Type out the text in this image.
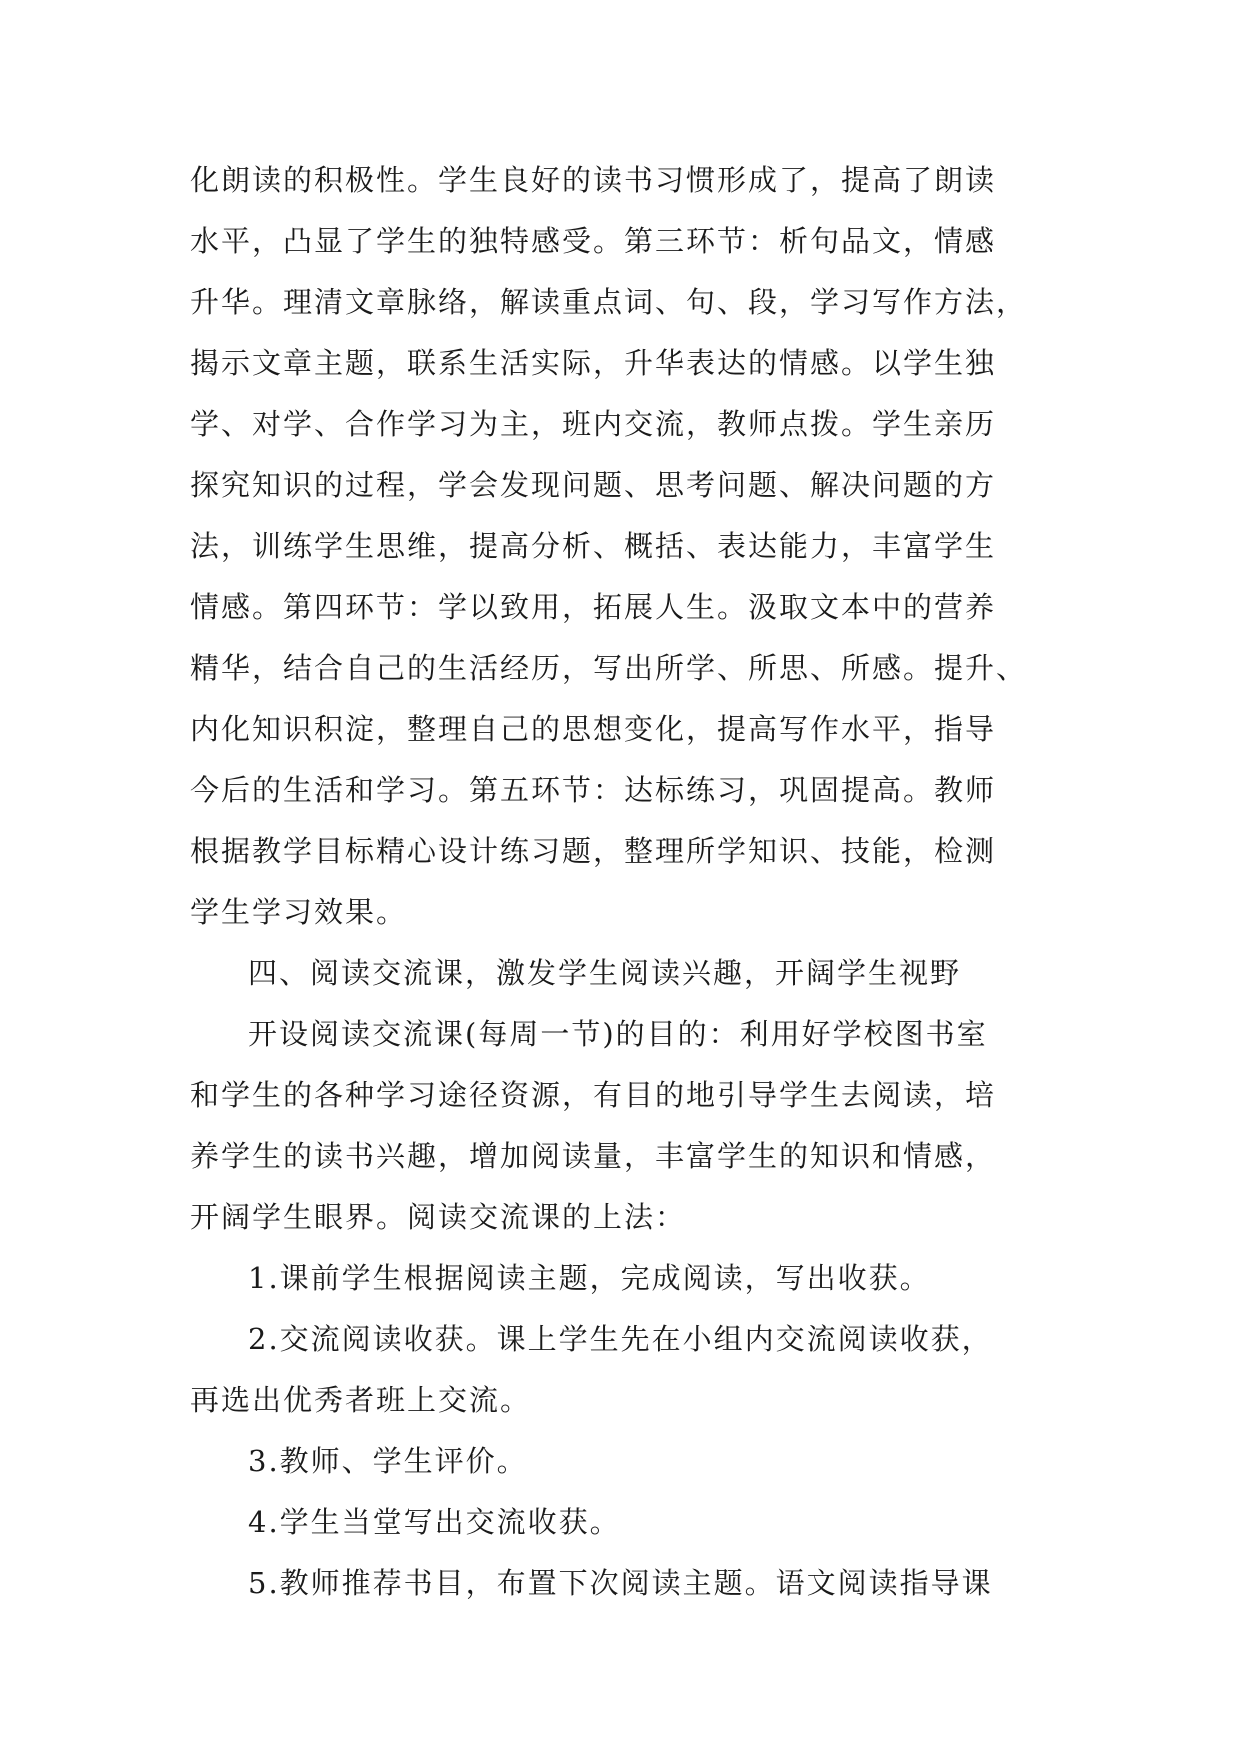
化朗读的积极性。学生良好的读书习惯形成了，提高了朗读
水平，凸显了学生的独特感受。第三环节：析句品文，情感
升华。理清文章脉络，解读重点词、句、段，学习写作方法，
揭示文章主题，联系生活实际，升华表达的情感。以学生独
学、对学、合作学习为主，班内交流，教师点拨。学生亲历
探究知识的过程，学会发现问题、思考问题、解决问题的方
法，训练学生思维，提高分析、概括、表达能力，丰富学生
情感。第四环节：学以致用，拓展人生。汲取文本中的营养
精华，结合自己的生活经历，写出所学、所思、所感。提升、
内化知识积淀，整理自己的思想变化，提高写作水平，指导
今后的生活和学习。第五环节：达标练习，巩固提高。教师
根据教学目标精心设计练习题，整理所学知识、技能，检测
学生学习效果。
四、阅读交流课，激发学生阅读兴趣，开阔学生视野
开设阅读交流课(每周一节)的目的：利用好学校图书室
和学生的各种学习途径资源，有目的地引导学生去阅读，培
养学生的读书兴趣，增加阅读量，丰富学生的知识和情感，
开阔学生眼界。阅读交流课的上法：
1.课前学生根据阅读主题，完成阅读，写出收获。
2.交流阅读收获。课上学生先在小组内交流阅读收获，
再选出优秀者班上交流。
3.教师、学生评价。
4.学生当堂写出交流收获。
5.教师推荐书目，布置下次阅读主题。语文阅读指导课
